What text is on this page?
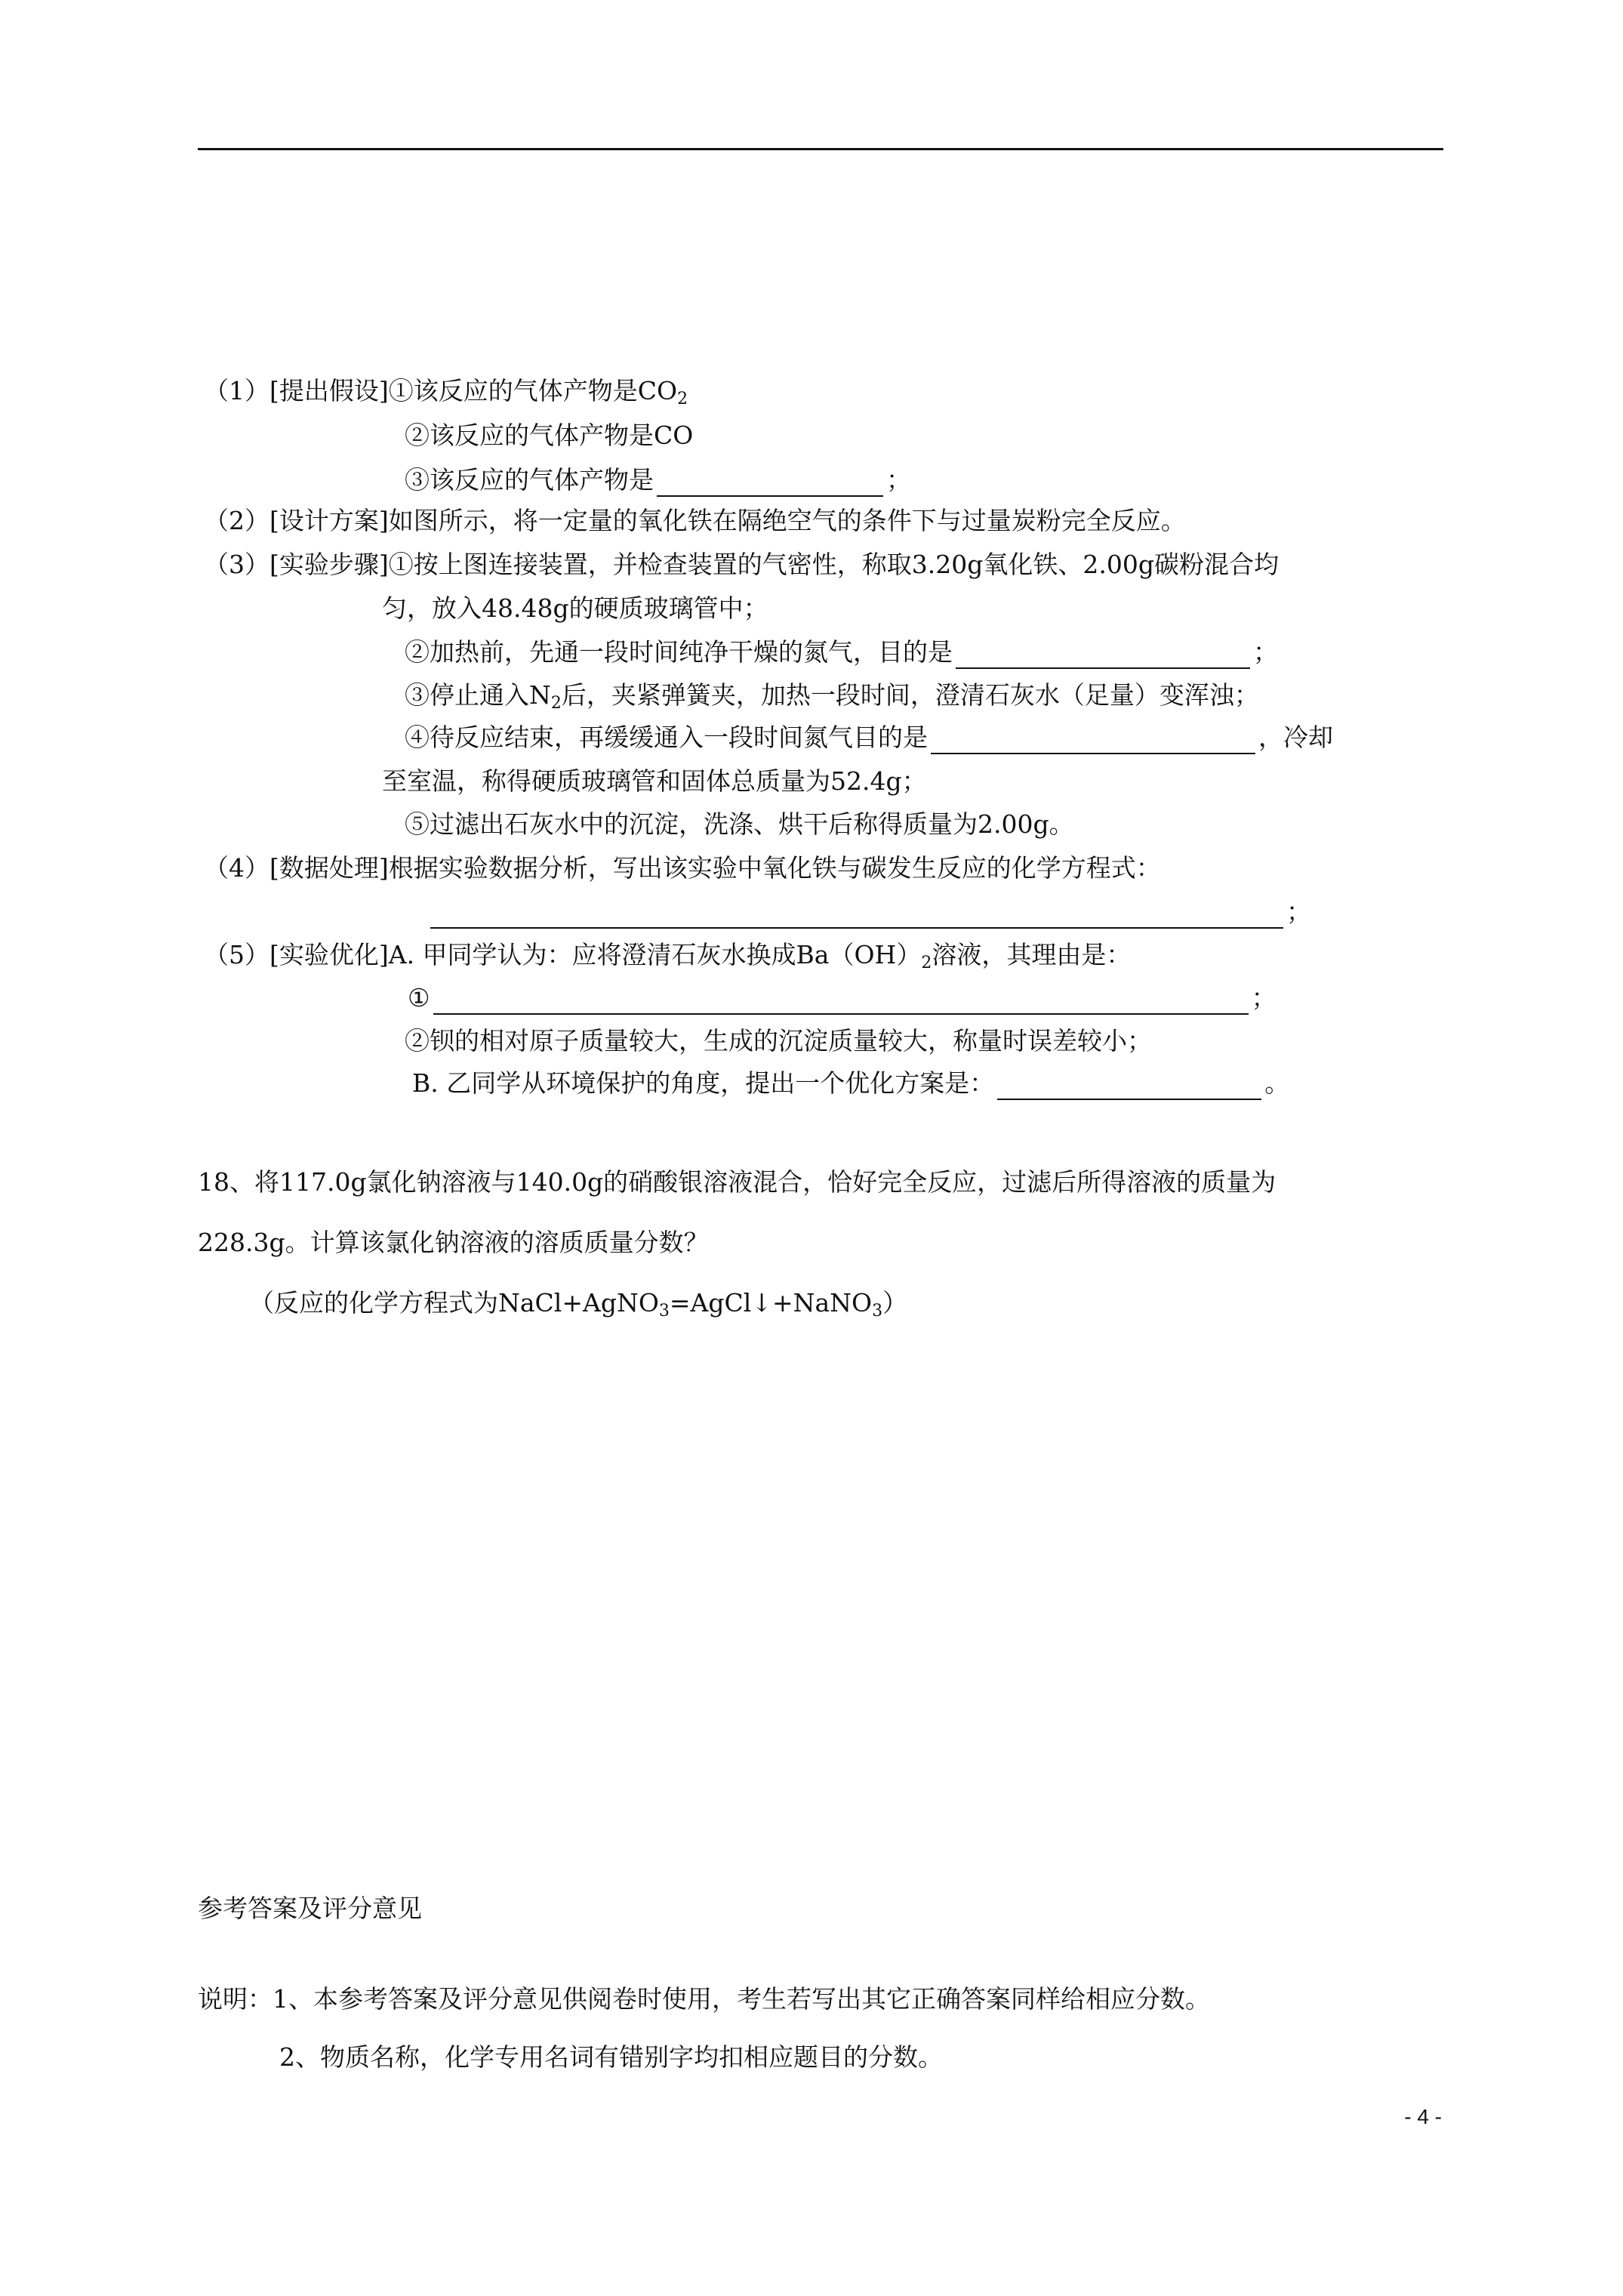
（1）[提出假设]①该反应的气体产物是$CO_2$
②该反应的气体产物是CO
③该反应的气体产物是	；
（2）[设计方案]如图所示，将一定量的氧化铁在隔绝空气的条件下与过量炭粉完全反应。
（3）[实验步骤]①按上图连接装置，并检查装置的气密性，称取3.20g氧化铁、2.00g碳粉混合均
匀，放入48.48g的硬质玻璃管中；
②加热前，先通一段时间纯净干燥的氮气，目的是	；
③停止通入$N_2$后，夹紧弹簧夹，加热一段时间，澄清石灰水（足量）变浑浊；
④待反应结束，再缓缓通入一段时间氮气目的是	，冷却
至室温，称得硬质玻璃管和固体总质量为52.4g；
⑤过滤出石灰水中的沉淀，洗涤、烘干后称得质量为2.00g。
（4）[数据处理]根据实验数据分析，写出该实验中氧化铁与碳发生反应的化学方程式：
；
（5）[实验优化]A. 甲同学认为：应将澄清石灰水换成$Ba(OH)_2$溶液，其理由是：
①	；
②钡的相对原子质量较大，生成的沉淀质量较大，称量时误差较小；
B. 乙同学从环境保护的角度，提出一个优化方案是：	。
18、将117.0g氯化钠溶液与140.0g的硝酸银溶液混合，恰好完全反应，过滤后所得溶液的质量为
228.3g。计算该氯化钠溶液的溶质质量分数？
（反应的化学方程式为NaCl+AgNO$_3$=AgCl↓+NaNO$_3$）
参考答案及评分意见
说明：1、本参考答案及评分意见供阅卷时使用，考生若写出其它正确答案同样给相应分数。
2、物质名称，化学专用名词有错别字均扣相应题目的分数。
- 4 -
